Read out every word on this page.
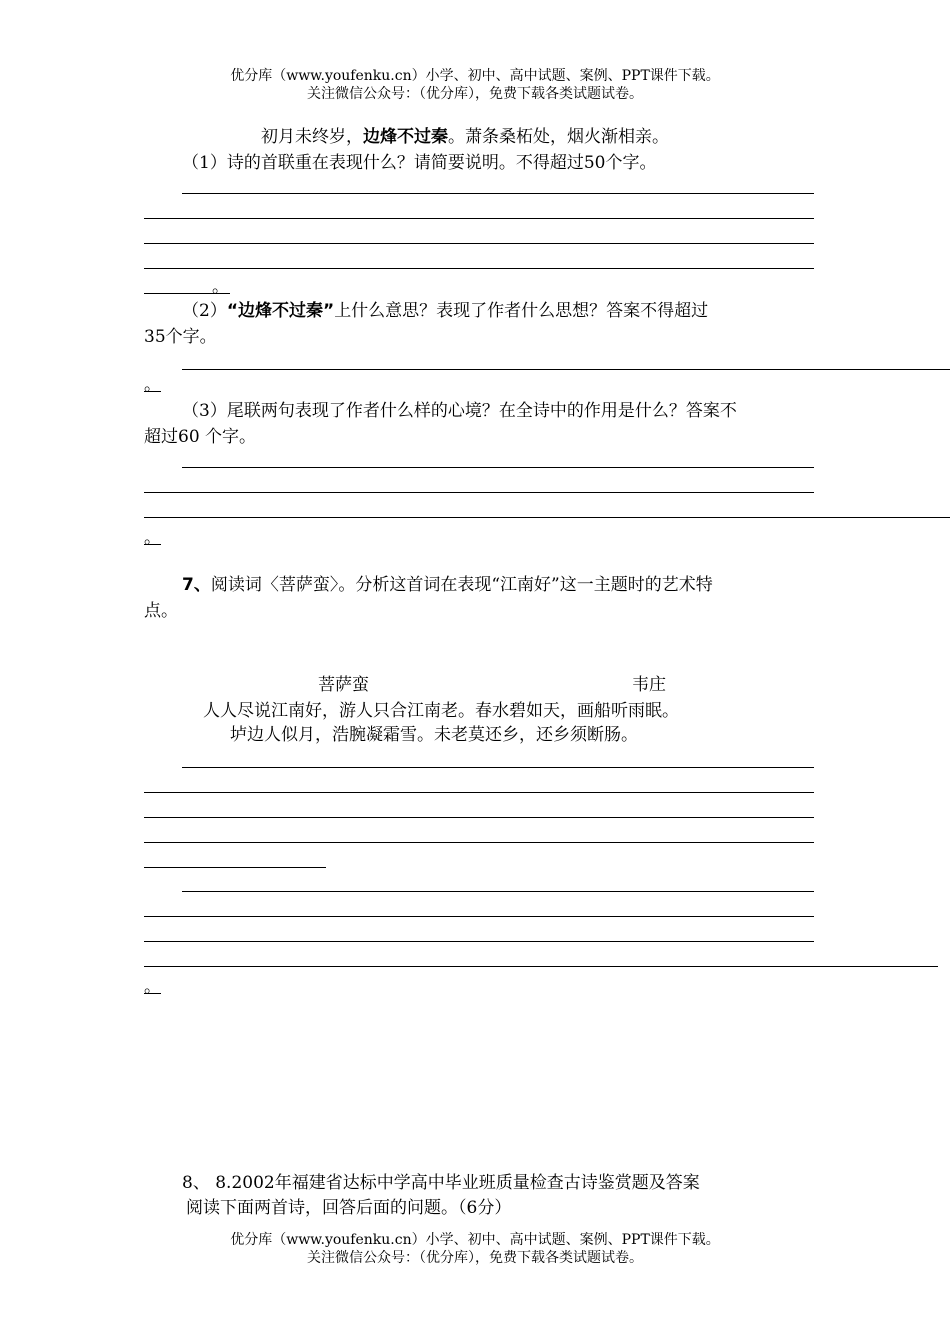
优分库（www.youfenku.cn）小学、初中、高中试题、案例、PPT课件下载。
关注微信公众号：（优分库），免费下载各类试题试卷。
初月未终岁，边烽不过秦。萧条桑柘处，烟火渐相亲。
（1）诗的首联重在表现什么？请简要说明。不得超过50个字。
。
（2）“边烽不过秦”上什么意思？表现了作者什么思想？答案不得超过
35个字。
。
（3）尾联两句表现了作者什么样的心境？在全诗中的作用是什么？答案不
超过60 个字。
。
7、阅读词〈菩萨蛮〉。分析这首词在表现“江南好”这一主题时的艺术特
点。
菩萨蛮	韦庄
人人尽说江南好，游人只合江南老。春水碧如天，画船听雨眠。
垆边人似月，浩腕凝霜雪。未老莫还乡，还乡须断肠。
。
8、 8.2002年福建省达标中学高中毕业班质量检查古诗鉴赏题及答案
阅读下面两首诗，回答后面的问题。（6分）
优分库（www.youfenku.cn）小学、初中、高中试题、案例、PPT课件下载。
关注微信公众号：（优分库），免费下载各类试题试卷。
